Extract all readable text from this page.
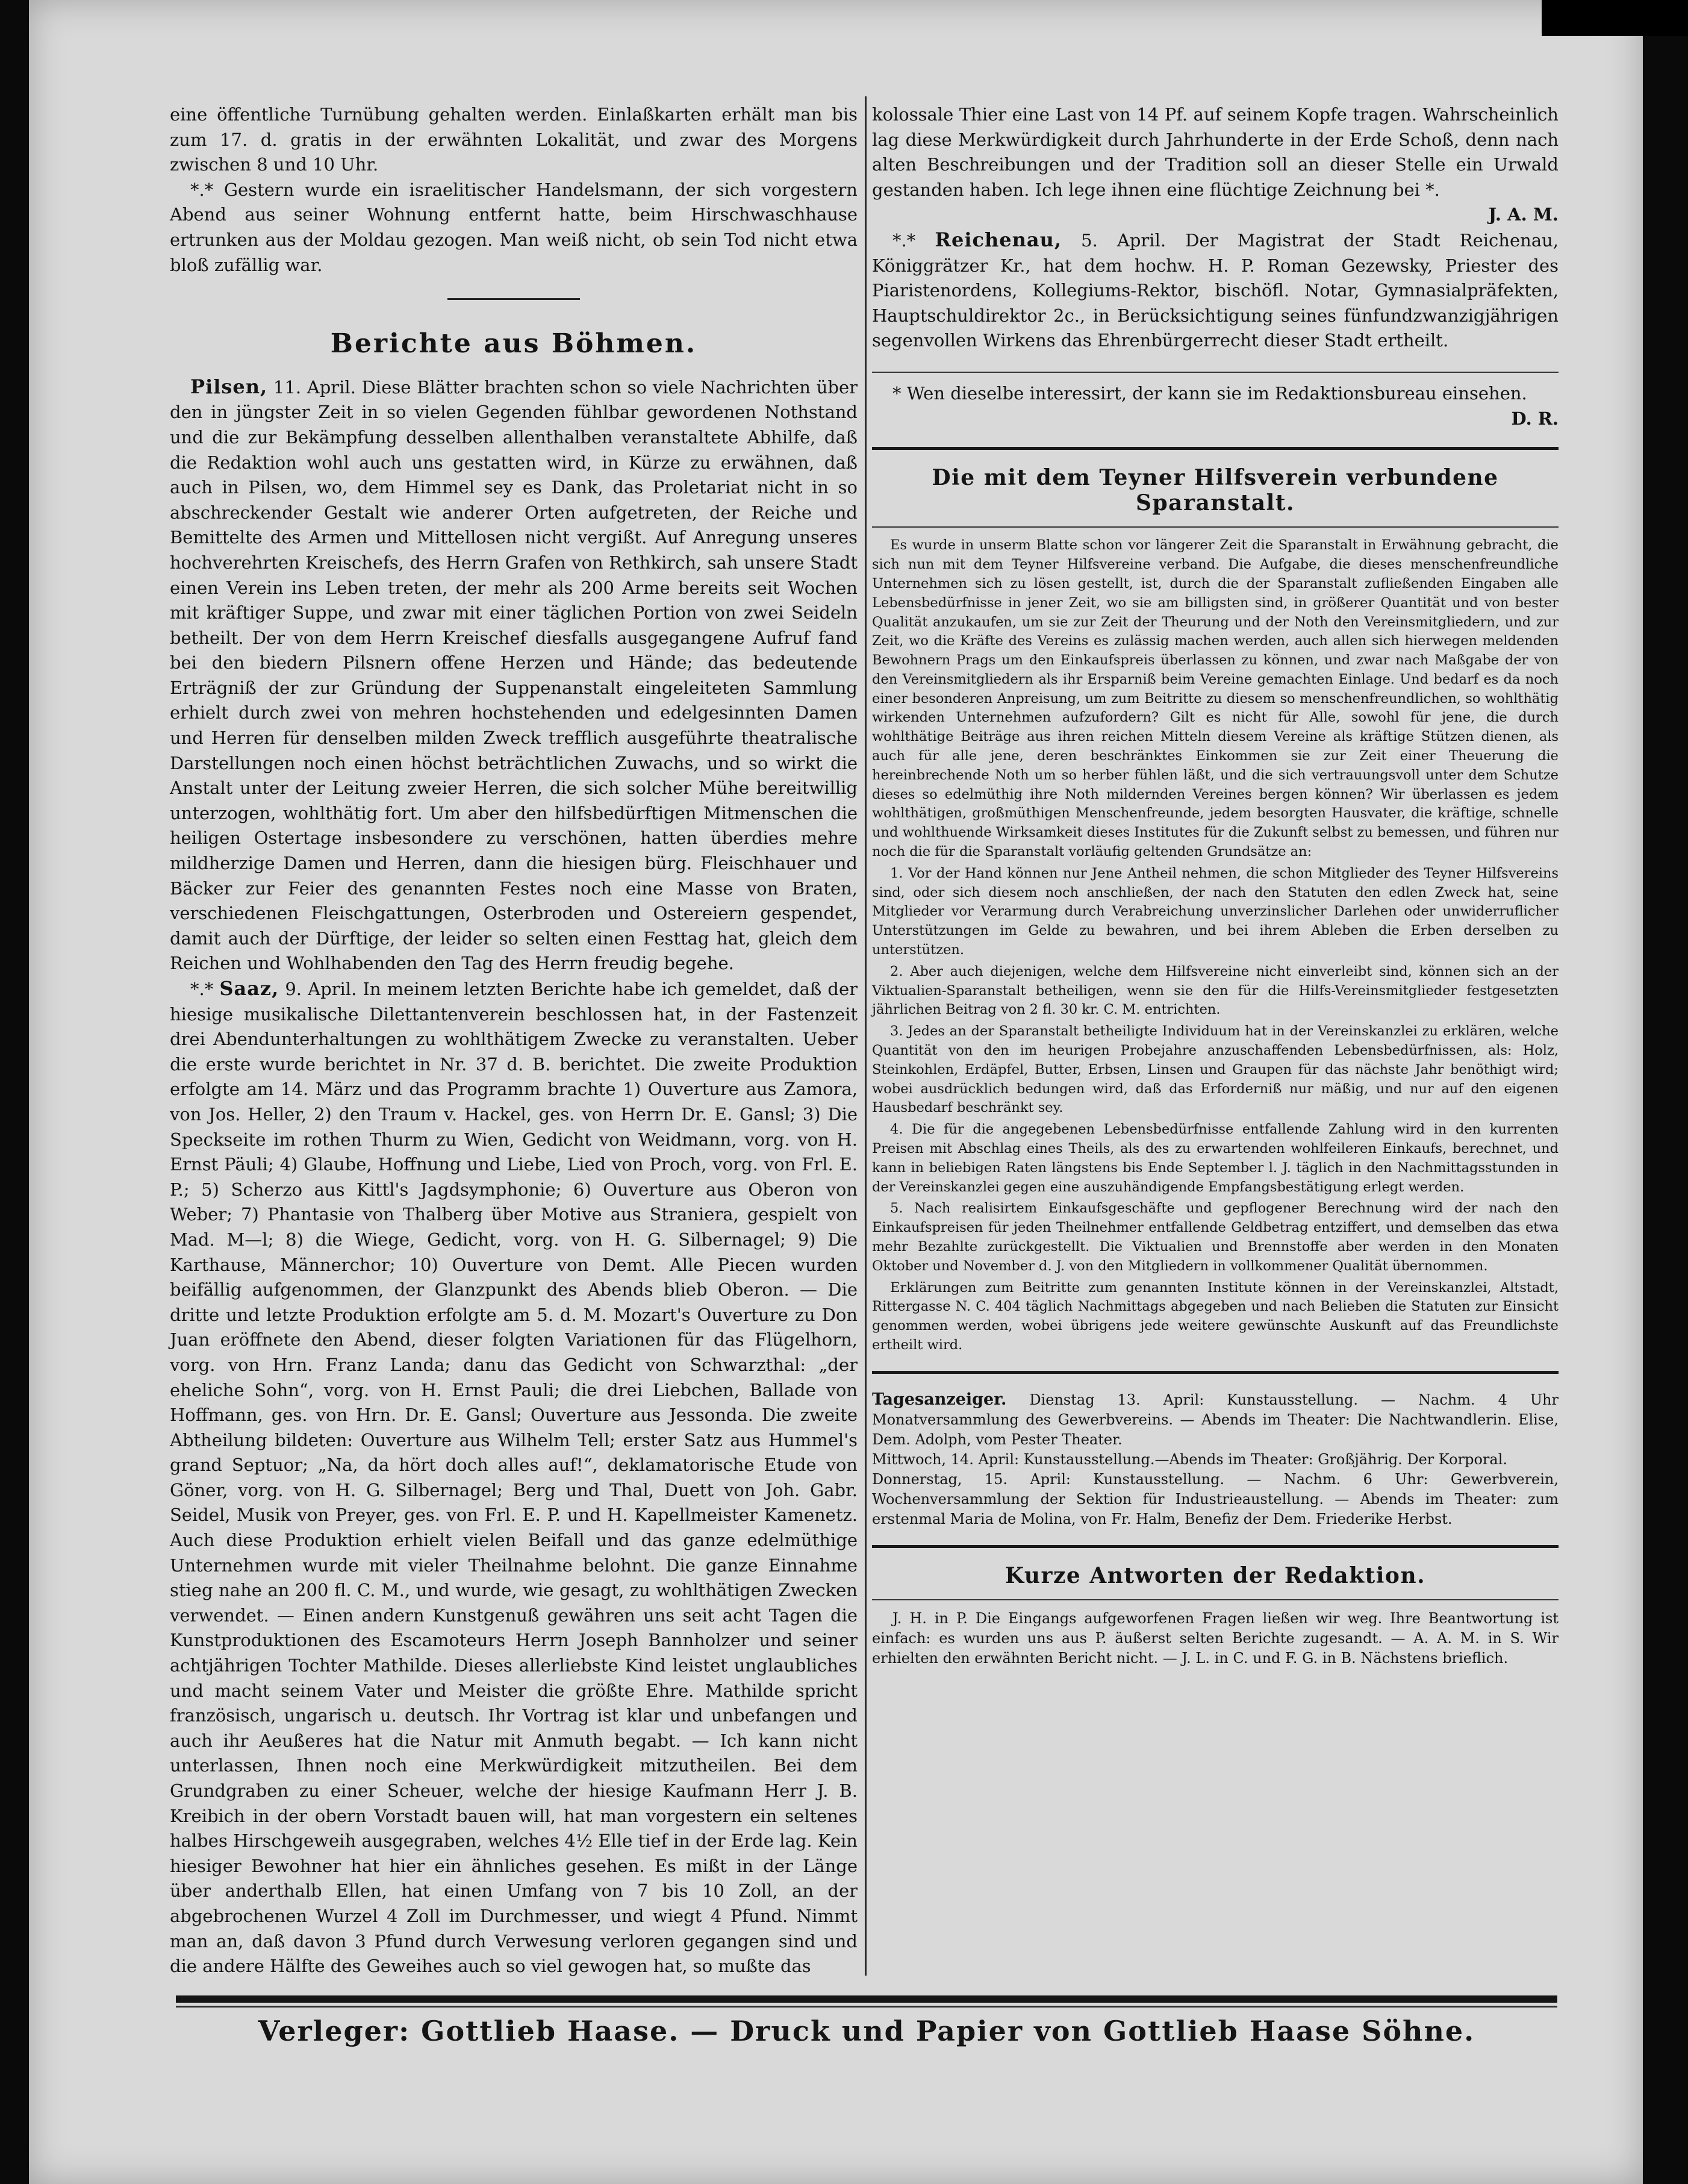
eine öffentliche Turnübung gehalten werden. Einlaßkarten erhält man bis zum 17. d. gratis in der erwähnten Lokalität, und zwar des Morgens zwischen 8 und 10 Uhr.

*.* Gestern wurde ein israelitischer Handelsmann, der sich vorgestern Abend aus seiner Wohnung entfernt hatte, beim Hirschwaschhause ertrunken aus der Moldau gezogen. Man weiß nicht, ob sein Tod nicht etwa bloß zufällig war.

Berichte aus Böhmen.

Pilsen, 11. April. Diese Blätter brachten schon so viele Nachrichten über den in jüngster Zeit in so vielen Gegenden fühlbar gewordenen Nothstand und die zur Bekämpfung desselben allenthalben veranstaltete Abhilfe, daß die Redaktion wohl auch uns gestatten wird, in Kürze zu erwähnen, daß auch in Pilsen, wo, dem Himmel sey es Dank, das Proletariat nicht in so abschreckender Gestalt wie anderer Orten aufgetreten, der Reiche und Bemittelte des Armen und Mittellosen nicht vergißt. Auf Anregung unseres hochverehrten Kreischefs, des Herrn Grafen von Rethkirch, sah unsere Stadt einen Verein ins Leben treten, der mehr als 200 Arme bereits seit Wochen mit kräftiger Suppe, und zwar mit einer täglichen Portion von zwei Seideln betheilt. Der von dem Herrn Kreischef diesfalls ausgegangene Aufruf fand bei den biedern Pilsnern offene Herzen und Hände; das bedeutende Erträgniß der zur Gründung der Suppenanstalt eingeleiteten Sammlung erhielt durch zwei von mehren hochstehenden und edelgesinnten Damen und Herren für denselben milden Zweck trefflich ausgeführte theatralische Darstellungen noch einen höchst beträchtlichen Zuwachs, und so wirkt die Anstalt unter der Leitung zweier Herren, die sich solcher Mühe bereitwillig unterzogen, wohlthätig fort. Um aber den hilfsbedürftigen Mitmenschen die heiligen Ostertage insbesondere zu verschönen, hatten überdies mehre mildherzige Damen und Herren, dann die hiesigen bürg. Fleischhauer und Bäcker zur Feier des genannten Festes noch eine Masse von Braten, verschiedenen Fleischgattungen, Osterbroden und Ostereiern gespendet, damit auch der Dürftige, der leider so selten einen Festtag hat, gleich dem Reichen und Wohlhabenden den Tag des Herrn freudig begehe.

*.* Saaz, 9. April. In meinem letzten Berichte habe ich gemeldet, daß der hiesige musikalische Dilettantenverein beschlossen hat, in der Fastenzeit drei Abendunterhaltungen zu wohlthätigem Zwecke zu veranstalten. Ueber die erste wurde berichtet in Nr. 37 d. B. berichtet. Die zweite Produktion erfolgte am 14. März und das Programm brachte 1) Ouverture aus Zamora, von Jos. Heller, 2) den Traum v. Hackel, ges. von Herrn Dr. E. Gansl; 3) Die Speckseite im rothen Thurm zu Wien, Gedicht von Weidmann, vorg. von H. Ernst Päuli; 4) Glaube, Hoffnung und Liebe, Lied von Proch, vorg. von Frl. E. P.; 5) Scherzo aus Kittl's Jagdsymphonie; 6) Ouverture aus Oberon von Weber; 7) Phantasie von Thalberg über Motive aus Straniera, gespielt von Mad. M—l; 8) die Wiege, Gedicht, vorg. von H. G. Silbernagel; 9) Die Karthause, Männerchor; 10) Ouverture von Demt. Alle Piecen wurden beifällig aufgenommen, der Glanzpunkt des Abends blieb Oberon. — Die dritte und letzte Produktion erfolgte am 5. d. M. Mozart's Ouverture zu Don Juan eröffnete den Abend, dieser folgten Variationen für das Flügelhorn, vorg. von Hrn. Franz Landa; danu das Gedicht von Schwarzthal: „der eheliche Sohn“, vorg. von H. Ernst Pauli; die drei Liebchen, Ballade von Hoffmann, ges. von Hrn. Dr. E. Gansl; Ouverture aus Jessonda. Die zweite Abtheilung bildeten: Ouverture aus Wilhelm Tell; erster Satz aus Hummel's grand Septuor; „Na, da hört doch alles auf!“, deklamatorische Etude von Göner, vorg. von H. G. Silbernagel; Berg und Thal, Duett von Joh. Gabr. Seidel, Musik von Preyer, ges. von Frl. E. P. und H. Kapellmeister Kamenetz. Auch diese Produktion erhielt vielen Beifall und das ganze edelmüthige Unternehmen wurde mit vieler Theilnahme belohnt. Die ganze Einnahme stieg nahe an 200 fl. C. M., und wurde, wie gesagt, zu wohlthätigen Zwecken verwendet. — Einen andern Kunstgenuß gewähren uns seit acht Tagen die Kunstproduktionen des Escamoteurs Herrn Joseph Bannholzer und seiner achtjährigen Tochter Mathilde. Dieses allerliebste Kind leistet unglaubliches und macht seinem Vater und Meister die größte Ehre. Mathilde spricht französisch, ungarisch u. deutsch. Ihr Vortrag ist klar und unbefangen und auch ihr Aeußeres hat die Natur mit Anmuth begabt. — Ich kann nicht unterlassen, Ihnen noch eine Merkwürdigkeit mitzutheilen. Bei dem Grundgraben zu einer Scheuer, welche der hiesige Kaufmann Herr J. B. Kreibich in der obern Vorstadt bauen will, hat man vorgestern ein seltenes halbes Hirschgeweih ausgegraben, welches 4½ Elle tief in der Erde lag. Kein hiesiger Bewohner hat hier ein ähnliches gesehen. Es mißt in der Länge über anderthalb Ellen, hat einen Umfang von 7 bis 10 Zoll, an der abgebrochenen Wurzel 4 Zoll im Durchmesser, und wiegt 4 Pfund. Nimmt man an, daß davon 3 Pfund durch Verwesung verloren gegangen sind und die andere Hälfte des Geweihes auch so viel gewogen hat, so mußte das

kolossale Thier eine Last von 14 Pf. auf seinem Kopfe tragen. Wahrscheinlich lag diese Merkwürdigkeit durch Jahrhunderte in der Erde Schoß, denn nach alten Beschreibungen und der Tradition soll an dieser Stelle ein Urwald gestanden haben. Ich lege ihnen eine flüchtige Zeichnung bei *.

J. A. M.

*.* Reichenau, 5. April. Der Magistrat der Stadt Reichenau, Königgrätzer Kr., hat dem hochw. H. P. Roman Gezewsky, Priester des Piaristenordens, Kollegiums-Rektor, bischöfl. Notar, Gymnasialpräfekten, Hauptschuldirektor 2c., in Berücksichtigung seines fünfundzwanzigjährigen segenvollen Wirkens das Ehrenbürgerrecht dieser Stadt ertheilt.

* Wen dieselbe interessirt, der kann sie im Redaktionsbureau einsehen.

D. R.
Die mit dem Teyner Hilfsverein verbundene Sparanstalt.

Es wurde in unserm Blatte schon vor längerer Zeit die Sparanstalt in Erwähnung gebracht, die sich nun mit dem Teyner Hilfsvereine verband. Die Aufgabe, die dieses menschenfreundliche Unternehmen sich zu lösen gestellt, ist, durch die der Sparanstalt zufließenden Eingaben alle Lebensbedürfnisse in jener Zeit, wo sie am billigsten sind, in größerer Quantität und von bester Qualität anzukaufen, um sie zur Zeit der Theurung und der Noth den Vereinsmitgliedern, und zur Zeit, wo die Kräfte des Vereins es zulässig machen werden, auch allen sich hierwegen meldenden Bewohnern Prags um den Einkaufspreis überlassen zu können, und zwar nach Maßgabe der von den Vereinsmitgliedern als ihr Ersparniß beim Vereine gemachten Einlage. Und bedarf es da noch einer besonderen Anpreisung, um zum Beitritte zu diesem so menschenfreundlichen, so wohlthätig wirkenden Unternehmen aufzufordern? Gilt es nicht für Alle, sowohl für jene, die durch wohlthätige Beiträge aus ihren reichen Mitteln diesem Vereine als kräftige Stützen dienen, als auch für alle jene, deren beschränktes Einkommen sie zur Zeit einer Theuerung die hereinbrechende Noth um so herber fühlen läßt, und die sich vertrauungsvoll unter dem Schutze dieses so edelmüthig ihre Noth mildernden Vereines bergen können? Wir überlassen es jedem wohlthätigen, großmüthigen Menschenfreunde, jedem besorgten Hausvater, die kräftige, schnelle und wohlthuende Wirksamkeit dieses Institutes für die Zukunft selbst zu bemessen, und führen nur noch die für die Sparanstalt vorläufig geltenden Grundsätze an:

1. Vor der Hand können nur Jene Antheil nehmen, die schon Mitglieder des Teyner Hilfsvereins sind, oder sich diesem noch anschließen, der nach den Statuten den edlen Zweck hat, seine Mitglieder vor Verarmung durch Verabreichung unverzinslicher Darlehen oder unwiderruflicher Unterstützungen im Gelde zu bewahren, und bei ihrem Ableben die Erben derselben zu unterstützen.

2. Aber auch diejenigen, welche dem Hilfsvereine nicht einverleibt sind, können sich an der Viktualien-Sparanstalt betheiligen, wenn sie den für die Hilfs-Vereinsmitglieder festgesetzten jährlichen Beitrag von 2 fl. 30 kr. C. M. entrichten.

3. Jedes an der Sparanstalt betheiligte Individuum hat in der Vereinskanzlei zu erklären, welche Quantität von den im heurigen Probejahre anzuschaffenden Lebensbedürfnissen, als: Holz, Steinkohlen, Erdäpfel, Butter, Erbsen, Linsen und Graupen für das nächste Jahr benöthigt wird; wobei ausdrücklich bedungen wird, daß das Erforderniß nur mäßig, und nur auf den eigenen Hausbedarf beschränkt sey.

4. Die für die angegebenen Lebensbedürfnisse entfallende Zahlung wird in den kurrenten Preisen mit Abschlag eines Theils, als des zu erwartenden wohlfeileren Einkaufs, berechnet, und kann in beliebigen Raten längstens bis Ende September l. J. täglich in den Nachmittagsstunden in der Vereinskanzlei gegen eine auszuhändigende Empfangsbestätigung erlegt werden.

5. Nach realisirtem Einkaufsgeschäfte und gepflogener Berechnung wird der nach den Einkaufspreisen für jeden Theilnehmer entfallende Geldbetrag entziffert, und demselben das etwa mehr Bezahlte zurückgestellt. Die Viktualien und Brennstoffe aber werden in den Monaten Oktober und November d. J. von den Mitgliedern in vollkommener Qualität übernommen.

Erklärungen zum Beitritte zum genannten Institute können in der Vereinskanzlei, Altstadt, Rittergasse N. C. 404 täglich Nachmittags abgegeben und nach Belieben die Statuten zur Einsicht genommen werden, wobei übrigens jede weitere gewünschte Auskunft auf das Freundlichste ertheilt wird.

Tagesanzeiger. Dienstag 13. April: Kunstausstellung. — Nachm. 4 Uhr Monatversammlung des Gewerbvereins. — Abends im Theater: Die Nachtwandlerin. Elise, Dem. Adolph, vom Pester Theater.

Mittwoch, 14. April: Kunstausstellung.—Abends im Theater: Großjährig. Der Korporal.

Donnerstag, 15. April: Kunstausstellung. — Nachm. 6 Uhr: Gewerbverein, Wochenversammlung der Sektion für Industrieaustellung. — Abends im Theater: zum erstenmal Maria de Molina, von Fr. Halm, Benefiz der Dem. Friederike Herbst.

Kurze Antworten der Redaktion.

J. H. in P. Die Eingangs aufgeworfenen Fragen ließen wir weg. Ihre Beantwortung ist einfach: es wurden uns aus P. äußerst selten Berichte zugesandt. — A. A. M. in S. Wir erhielten den erwähnten Bericht nicht. — J. L. in C. und F. G. in B. Nächstens brieflich.

Verleger: Gottlieb Haase. — Druck und Papier von Gottlieb Haase Söhne.
